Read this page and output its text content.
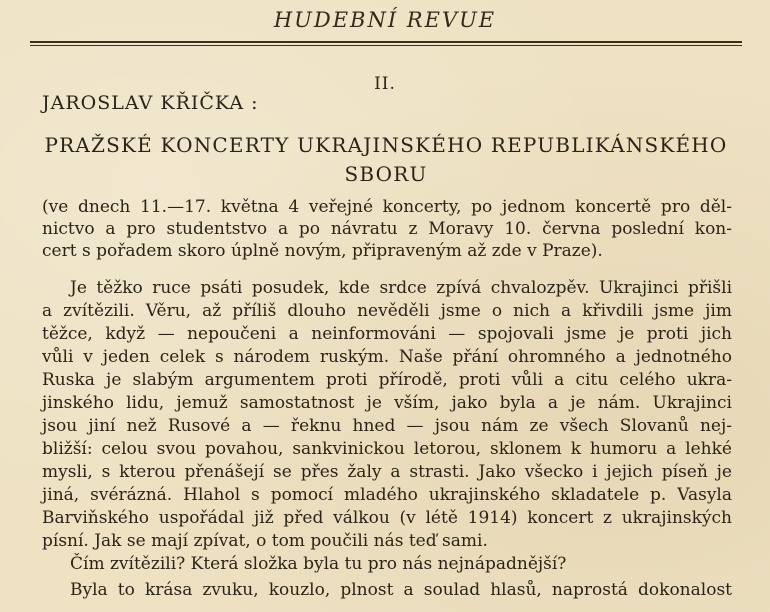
HUDEBNÍ REVUE
II.
JAROSLAV KŘIČKA :
PRAŽSKÉ KONCERTY UKRAJINSKÉHO REPUBLIKÁNSKÉHO
SBORU
(ve dnech 11.—17. května 4 veřejné koncerty, po jednom koncertě pro děl-
nictvo a pro studentstvo a po návratu z Moravy 10. června poslední kon-
cert s pořadem skoro úplně novým, připraveným až zde v Praze).
Je těžko ruce psáti posudek, kde srdce zpívá chvalozpěv. Ukrajinci přišli
a zvítězili. Věru, až příliš dlouho nevěděli jsme o nich a křivdili jsme jim
těžce, když — nepoučeni a neinformováni — spojovali jsme je proti jich
vůli v jeden celek s národem ruským. Naše přání ohromného a jednotného
Ruska je slabým argumentem proti přírodě, proti vůli a citu celého ukra-
jinského lidu, jemuž samostatnost je vším, jako byla a je nám. Ukrajinci
jsou jiní než Rusové a — řeknu hned — jsou nám ze všech Slovanů nej-
bližší: celou svou povahou, sankvinickou letorou, sklonem k humoru a lehké
mysli, s kterou přenášejí se přes žaly a strasti. Jako všecko i jejich píseň je
jiná, svérázná. Hlahol s pomocí mladého ukrajinského skladatele p. Vasyla
Barviňského uspořádal již před válkou (v létě 1914) koncert z ukrajinských
písní. Jak se mají zpívat, o tom poučili nás teď sami.
Čím zvítězili? Která složka byla tu pro nás nejnápadnější?
Byla to krása zvuku, kouzlo, plnost a soulad hlasů, naprostá dokonalost
